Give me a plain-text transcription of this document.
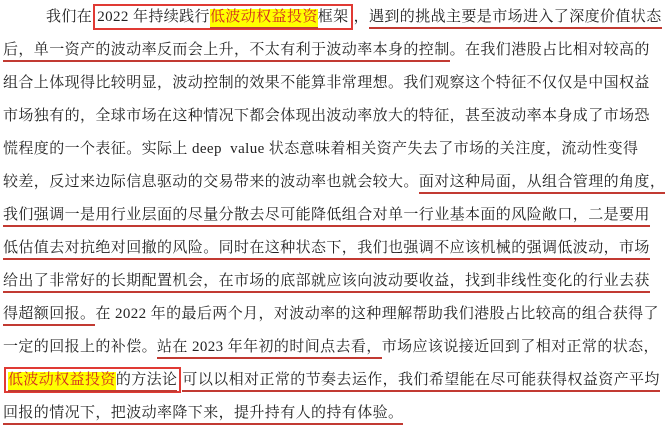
我们在 2022 年持续践行低波动权益投资框架 ，遇到的挑战主要是市场进入了深度价值状态
后，单一资产的波动率反而会上升，不太有利于波动率本身的控制。在我们港股占比相对较高的
组合上体现得比较明显，波动控制的效果不能算非常理想。我们观察这个特征不仅仅是中国权益
市场独有的，全球市场在这种情况下都会体现出波动率放大的特征，甚至波动率本身成了市场恐
慌程度的一个表征。实际上 deep  value 状态意味着相关资产失去了市场的关注度，流动性变得
较差，反过来边际信息驱动的交易带来的波动率也就会较大。面对这种局面，从组合管理的角度，
我们强调一是用行业层面的尽量分散去尽可能降低组合对单一行业基本面的风险敞口，二是要用
低估值去对抗绝对回撤的风险。同时在这种状态下，我们也强调不应该机械的强调低波动，市场
给出了非常好的长期配置机会，在市场的底部就应该向波动要收益，找到非线性变化的行业去获
得超额回报。在 2022 年的最后两个月，对波动率的这种理解帮助我们港股占比较高的组合获得了
一定的回报上的补偿。站在 2023 年年初的时间点去看，市场应该说接近回到了相对正常的状态，
低波动权益投资的方法论 可以以相对正常的节奏去运作，我们希望能在尽可能获得权益资产平均
回报的情况下，把波动率降下来，提升持有人的持有体验。
